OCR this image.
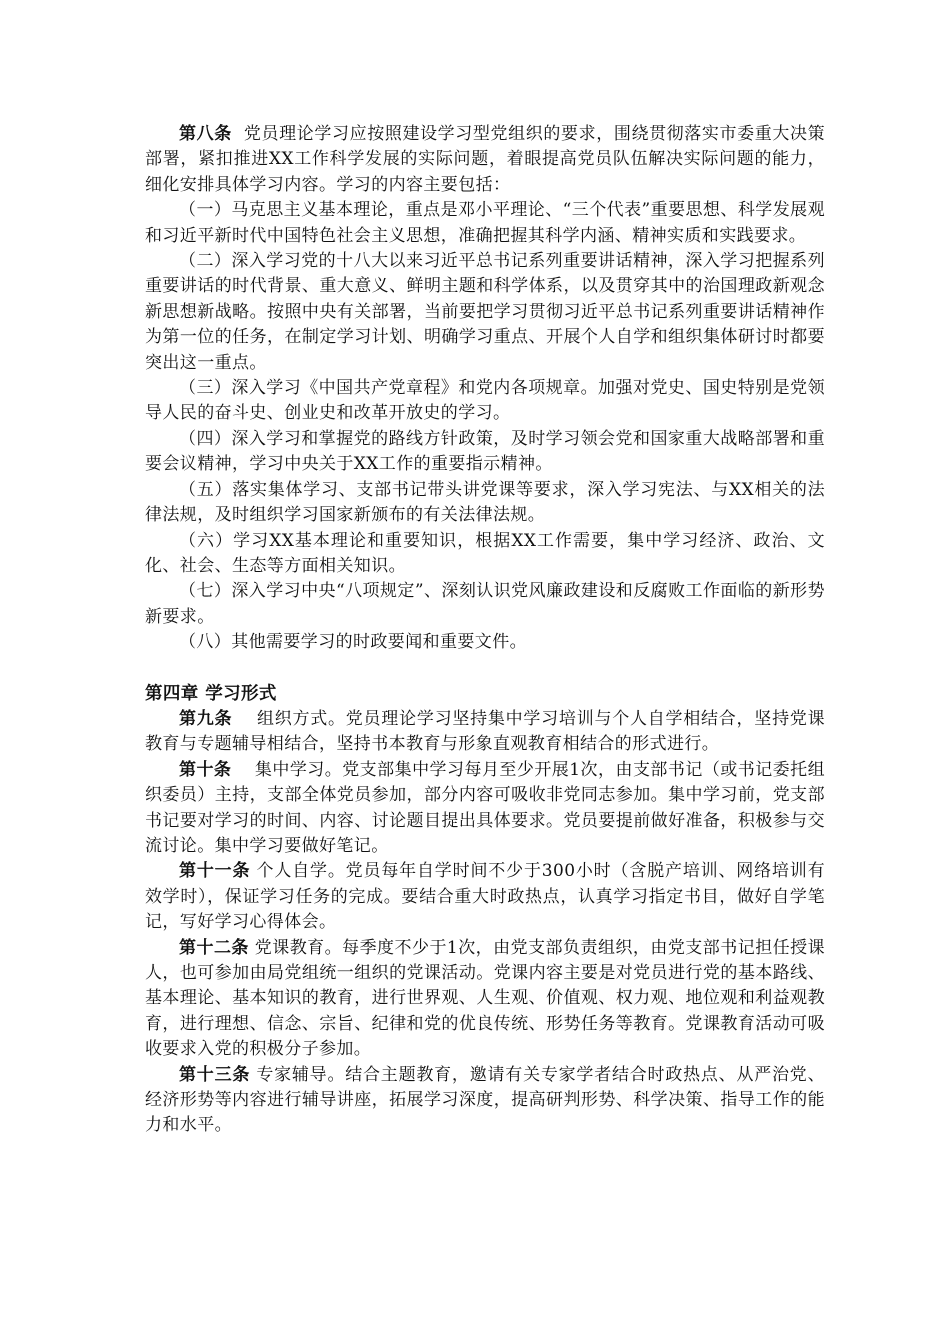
第八条 党员理论学习应按照建设学习型党组织的要求，围绕贯彻落实市委重大决策部署，紧扣推进XX工作科学发展的实际问题，着眼提高党员队伍解决实际问题的能力，细化安排具体学习内容。学习的内容主要包括：

（一）马克思主义基本理论，重点是邓小平理论、“三个代表”重要思想、科学发展观和习近平新时代中国特色社会主义思想，准确把握其科学内涵、精神实质和实践要求。

（二）深入学习党的十八大以来习近平总书记系列重要讲话精神，深入学习把握系列重要讲话的时代背景、重大意义、鲜明主题和科学体系，以及贯穿其中的治国理政新观念新思想新战略。按照中央有关部署，当前要把学习贯彻习近平总书记系列重要讲话精神作为第一位的任务，在制定学习计划、明确学习重点、开展个人自学和组织集体研讨时都要突出这一重点。

（三）深入学习《中国共产党章程》和党内各项规章。加强对党史、国史特别是党领导人民的奋斗史、创业史和改革开放史的学习。

（四）深入学习和掌握党的路线方针政策，及时学习领会党和国家重大战略部署和重要会议精神，学习中央关于XX工作的重要指示精神。

（五）落实集体学习、支部书记带头讲党课等要求，深入学习宪法、与XX相关的法律法规，及时组织学习国家新颁布的有关法律法规。

（六）学习XX基本理论和重要知识，根据XX工作需要，集中学习经济、政治、文化、社会、生态等方面相关知识。

（七）深入学习中央“八项规定”、深刻认识党风廉政建设和反腐败工作面临的新形势新要求。

（八）其他需要学习的时政要闻和重要文件。

第四章 学习形式

第九条 组织方式。党员理论学习坚持集中学习培训与个人自学相结合，坚持党课教育与专题辅导相结合，坚持书本教育与形象直观教育相结合的形式进行。

第十条 集中学习。党支部集中学习每月至少开展1次，由支部书记（或书记委托组织委员）主持，支部全体党员参加，部分内容可吸收非党同志参加。集中学习前，党支部书记要对学习的时间、内容、讨论题目提出具体要求。党员要提前做好准备，积极参与交流讨论。集中学习要做好笔记。

第十一条 个人自学。党员每年自学时间不少于300小时（含脱产培训、网络培训有效学时），保证学习任务的完成。要结合重大时政热点，认真学习指定书目，做好自学笔记，写好学习心得体会。

第十二条 党课教育。每季度不少于1次，由党支部负责组织，由党支部书记担任授课人，也可参加由局党组统一组织的党课活动。党课内容主要是对党员进行党的基本路线、基本理论、基本知识的教育，进行世界观、人生观、价值观、权力观、地位观和利益观教育，进行理想、信念、宗旨、纪律和党的优良传统、形势任务等教育。党课教育活动可吸收要求入党的积极分子参加。

第十三条 专家辅导。结合主题教育，邀请有关专家学者结合时政热点、从严治党、经济形势等内容进行辅导讲座，拓展学习深度，提高研判形势、科学决策、指导工作的能力和水平。
